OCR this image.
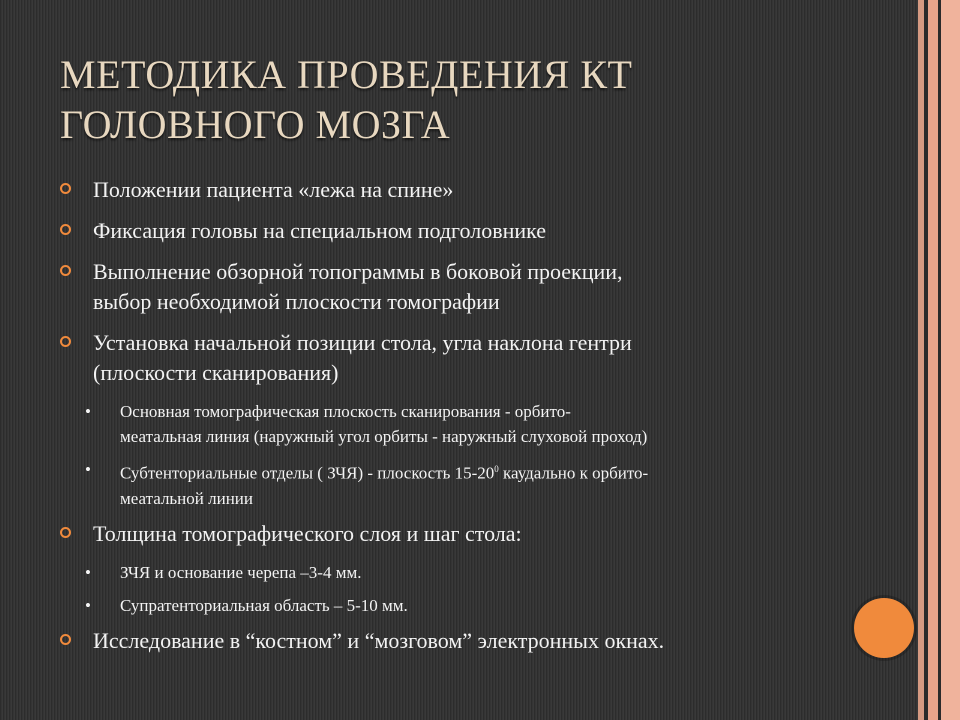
МЕТОДИКА ПРОВЕДЕНИЯ КТ
ГОЛОВНОГО МОЗГА
Положении пациента «лежа на спине»
Фиксация головы на специальном подголовнике
Выполнение обзорной топограммы в боковой проекции,
выбор необходимой плоскости томографии
Установка начальной позиции стола, угла наклона гентри
(плоскости сканирования)
• Основная томографическая плоскость сканирования - орбито-
меатальная линия (наружный угол орбиты - наружный слуховой проход)
• Субтенториальные отделы ( ЗЧЯ) - плоскость $15-20^0$ каудально к орбито-
меатальной линии
Толщина томографического слоя и шаг стола:
• ЗЧЯ и основание черепа –3-4 мм.
• Супратенториальная область – 5-10 мм.
Исследование в “костном” и “мозговом” электронных окнах.
